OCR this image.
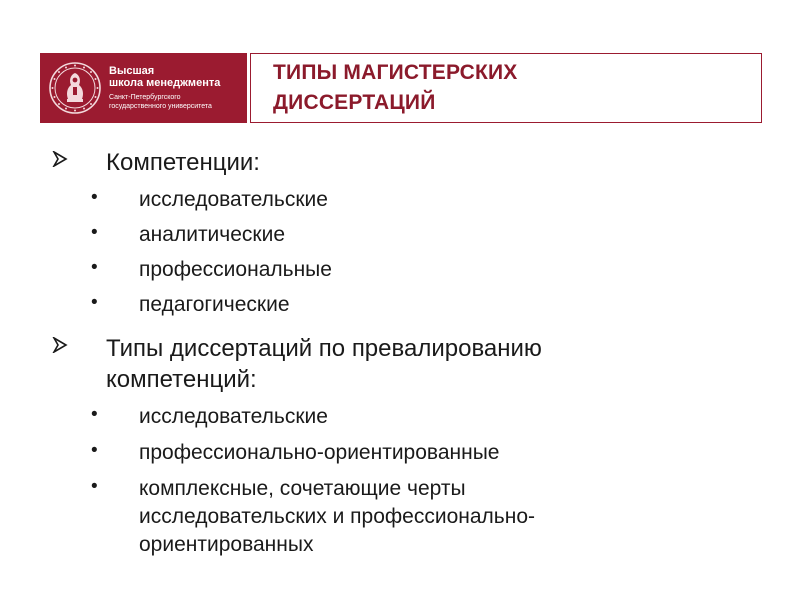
Высшая
школа менеджмента
Санкт-Петербургского
государственного университета
ТИПЫ МАГИСТЕРСКИХ
ДИССЕРТАЦИЙ
Компетенции:
• исследовательские
• аналитические
• профессиональные
• педагогические
Типы диссертаций по превалированию
компетенций:
• исследовательские
• профессионально-ориентированные
• комплексные, сочетающие черты
исследовательских и профессионально-
ориентированных
